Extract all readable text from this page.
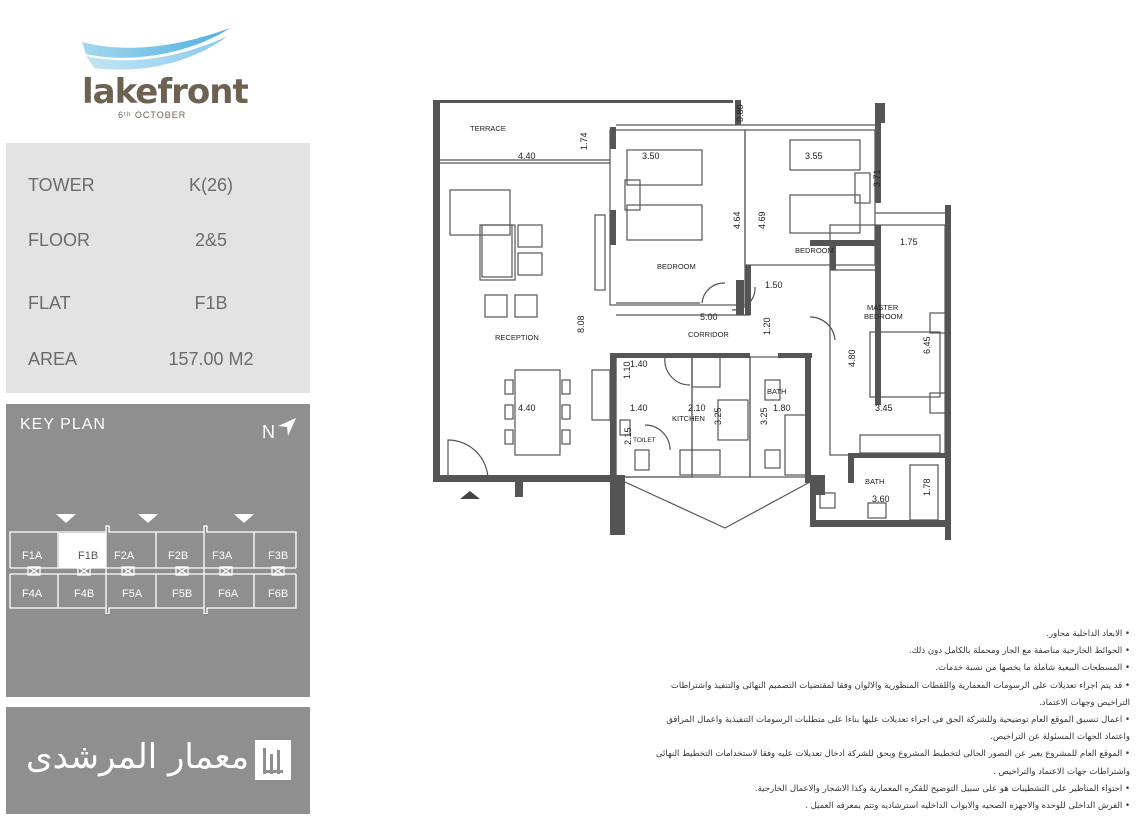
lakefront
6ᵗʰ OCTOBER
TOWER	K(26)
FLOOR	2&5
FLAT	F1B
AREA	157.00 M2
KEY PLAN	N
F1A	F1B F2A	F2B F3A	F3B
F4A	F4B	F5A	F5B F6A	F6B
معمار المرشدى
TERRACE
RECEPTION
BEDROOM
BEDROOM
CORRIDOR
MASTER
BEDROOM
KITCHEN
TOILET
BATH
BATH
4.40
1.74
0.80
3.50
4.64 4.69
3.55
3.71
1.75
1.50
5.00
8.08	1.20
6.45
4.80
1.40
1.10
4.40	1.40	2.10 3.25	3.25 1.80	3.45
2.15
3.60
1.78
• الابعاد الداخلية محاور.
• الحوائط الخارجية مناصفة مع الجار ومحملة بالكامل دون ذلك.
• المسطحات البيعية شاملة ما يخصها من نسبة خدمات.
• قد يتم اجراء تعديلات على الرسومات المعمارية واللقطات المنظورية والالوان وفقا لمقتضيات التصميم النهائى والتنفيذ واشتراطات
التراخيص وجهات الاعتماد.
• اعمال تنسيق الموقع العام توضيحية وللشركة الحق فى اجراء تعديلات عليها بناءا على متطلبات الرسومات التنفيذية واعمال المرافق
واعتماد الجهات المسئولة عن التراخيص.
• الموقع العام للمشروع يعبر عن التصور الحالى لتخطيط المشروع ويحق للشركة ادخال تعديلات عليه وفقا لاستخدامات التخطيط النهائى
واشتراطات جهات الاعتماد والتراخيص .
• احتواء المناظير على التشطيبات هو على سبيل التوضيح للفكره المعمارية وكذا الاشجار والاعمال الخارجية.
• الفرش الداخلى للوحده والاجهزه الصحيه والابواب الداخليه استرشاديه وتتم بمعرفه العميل .
